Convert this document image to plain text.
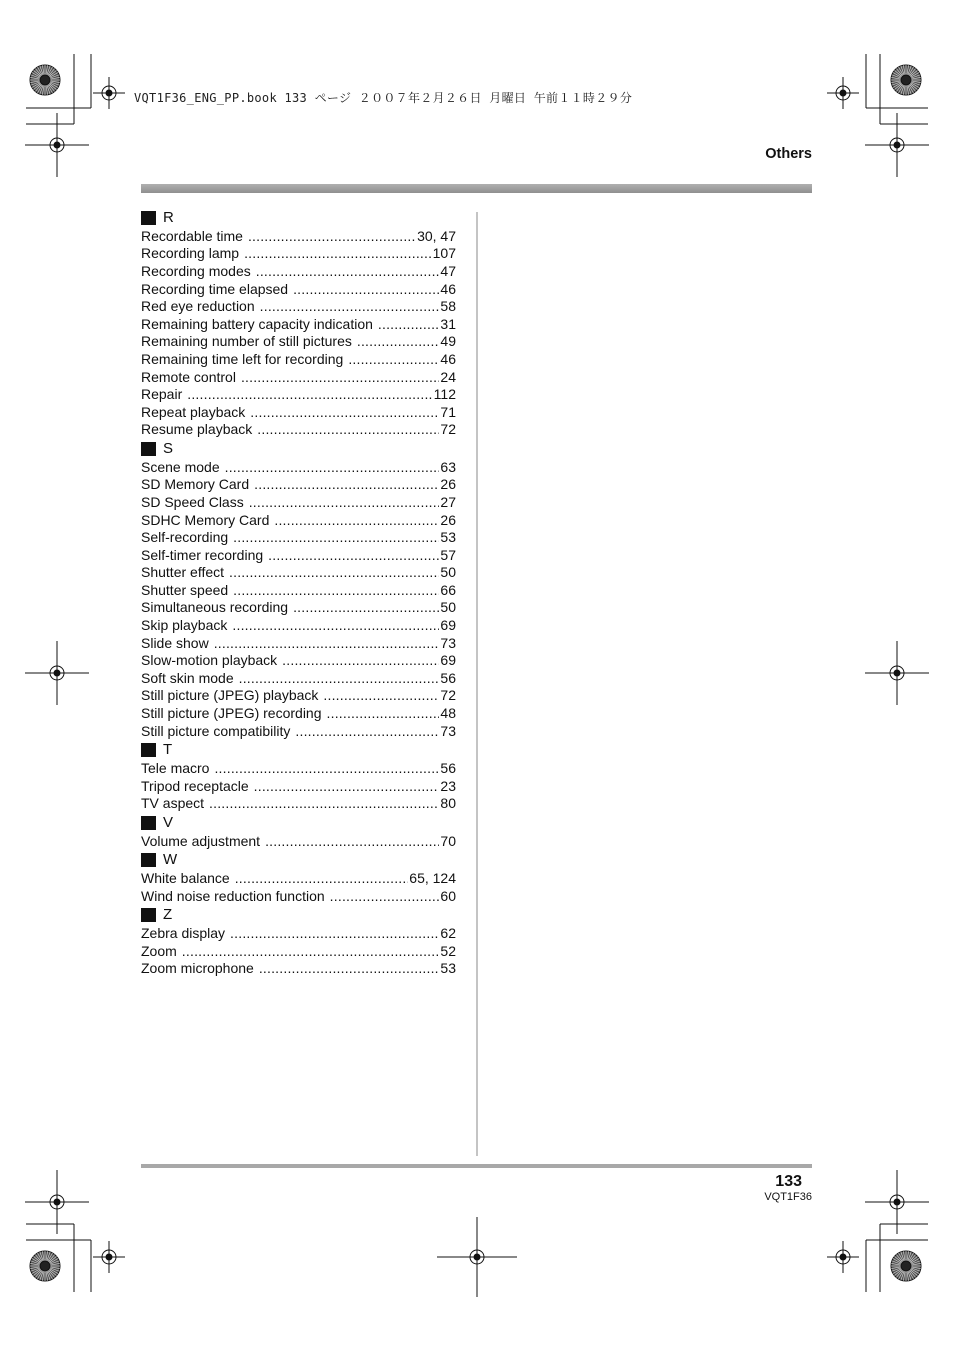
VQT1F36_ENG_PP.book 133 ページ ２００７年２月２６日 月曜日 午前１１時２９分
Others
R
Recordable time .....	30, 47
Recording lamp .....	107
Recording modes .....	47
Recording time elapsed .....	46
Red eye reduction .....	58
Remaining battery capacity indication .....	31
Remaining number of still pictures .....	49
Remaining time left for recording .....	46
Remote control .....	24
Repair .....	112
Repeat playback .....	71
Resume playback .....	72
S
Scene mode .....	63
SD Memory Card .....	26
SD Speed Class .....	27
SDHC Memory Card .....	26
Self-recording .....	53
Self-timer recording .....	57
Shutter effect .....	50
Shutter speed .....	66
Simultaneous recording .....	50
Skip playback .....	69
Slide show .....	73
Slow-motion playback .....	69
Soft skin mode .....	56
Still picture (JPEG) playback .....	72
Still picture (JPEG) recording .....	48
Still picture compatibility .....	73
T
Tele macro .....	56
Tripod receptacle .....	23
TV aspect .....	80
V
Volume adjustment .....	70
W
White balance .....	65, 124
Wind noise reduction function .....	60
Z
Zebra display .....	62
Zoom .....	52
Zoom microphone .....	53
133
VQT1F36
